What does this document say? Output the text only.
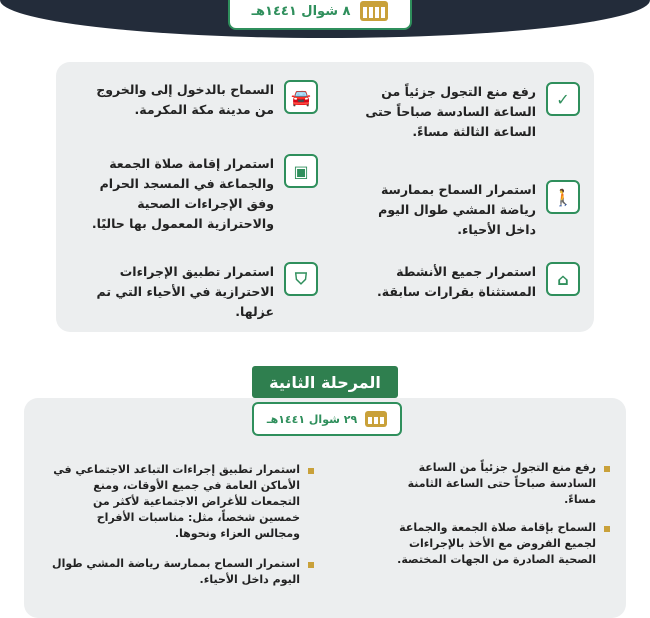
٨ شوال ١٤٤١هـ
✓
رفع منع التجول جزئياً من الساعة السادسة صباحاً حتى الساعة الثالثة مساءً.
🚶
استمرار السماح بممارسة رياضة المشي طوال اليوم داخل الأحياء.
⌂
استمرار جميع الأنشطة المستثناة بقرارات سابقة.
🚘
السماح بالدخول إلى والخروج من مدينة مكة المكرمة.
▣
استمرار إقامة صلاة الجمعة والجماعة في المسجد الحرام وفق الإجراءات الصحية والاحترازية المعمول بها حاليًا.
⛉
استمرار تطبيق الإجراءات الاحترازية في الأحياء التي تم عزلها.
رفع منع التجول جزئياً من الساعة السادسة صباحاً حتى الساعة الثامنة مساءً.
السماح بإقامة صلاة الجمعة والجماعة لجميع الفروض مع الأخذ بالإجراءات الصحية الصادرة من الجهات المختصة.
استمرار تطبيق إجراءات التباعد الاجتماعي في الأماكن العامة في جميع الأوقات، ومنع التجمعات للأغراض الاجتماعية لأكثر من خمسين شخصاً، مثل: مناسبات الأفراح ومجالس العزاء ونحوها.
استمرار السماح بممارسة رياضة المشي طوال اليوم داخل الأحياء.
المرحلة الثانية
٢٩ شوال ١٤٤١هـ
